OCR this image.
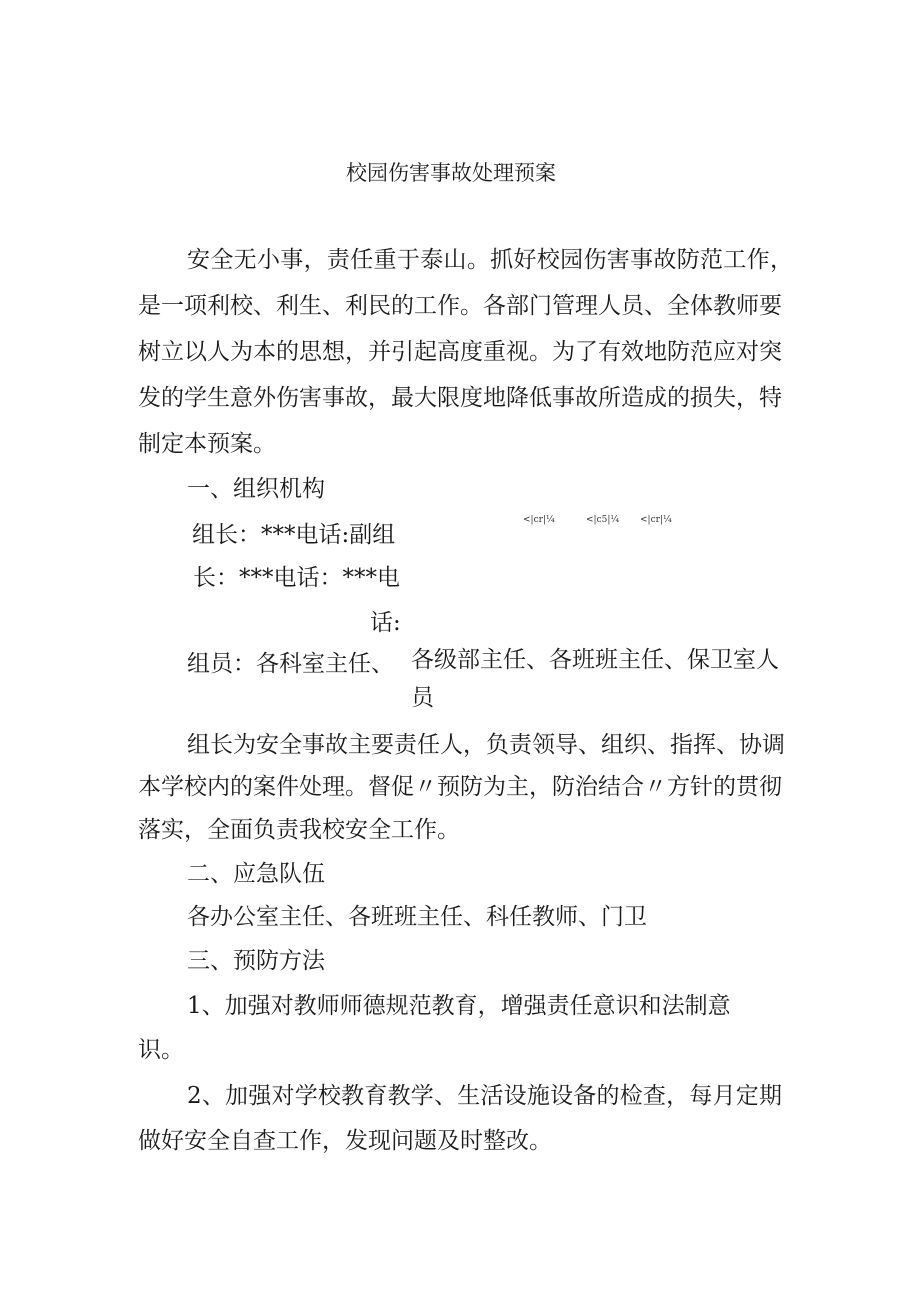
校园伤害事故处理预案
安全无小事，责任重于泰山。抓好校园伤害事故防范工作，
是一项利校、利生、利民的工作。各部门管理人员、全体教师要
树立以人为本的思想，并引起高度重视。为了有效地防范应对突
发的学生意外伤害事故，最大限度地降低事故所造成的损失，特
制定本预案。
一、组织机构
组长：***电话:副组
<|cr|¼	<|c5|¼ <|cr|¼
长：***电话：***电
话:
组员：各科室主任、 各级部主任、各班班主任、保卫室人
员
组长为安全事故主要责任人，负责领导、组织、指挥、协调
本学校内的案件处理。督促〃预防为主，防治结合〃方针的贯彻
落实，全面负责我校安全工作。
二、应急队伍
各办公室主任、各班班主任、科任教师、门卫
三、预防方法
1、加强对教师师德规范教育，增强责任意识和法制意
识。
2、加强对学校教育教学、生活设施设备的检查，每月定期
做好安全自查工作，发现问题及时整改。
